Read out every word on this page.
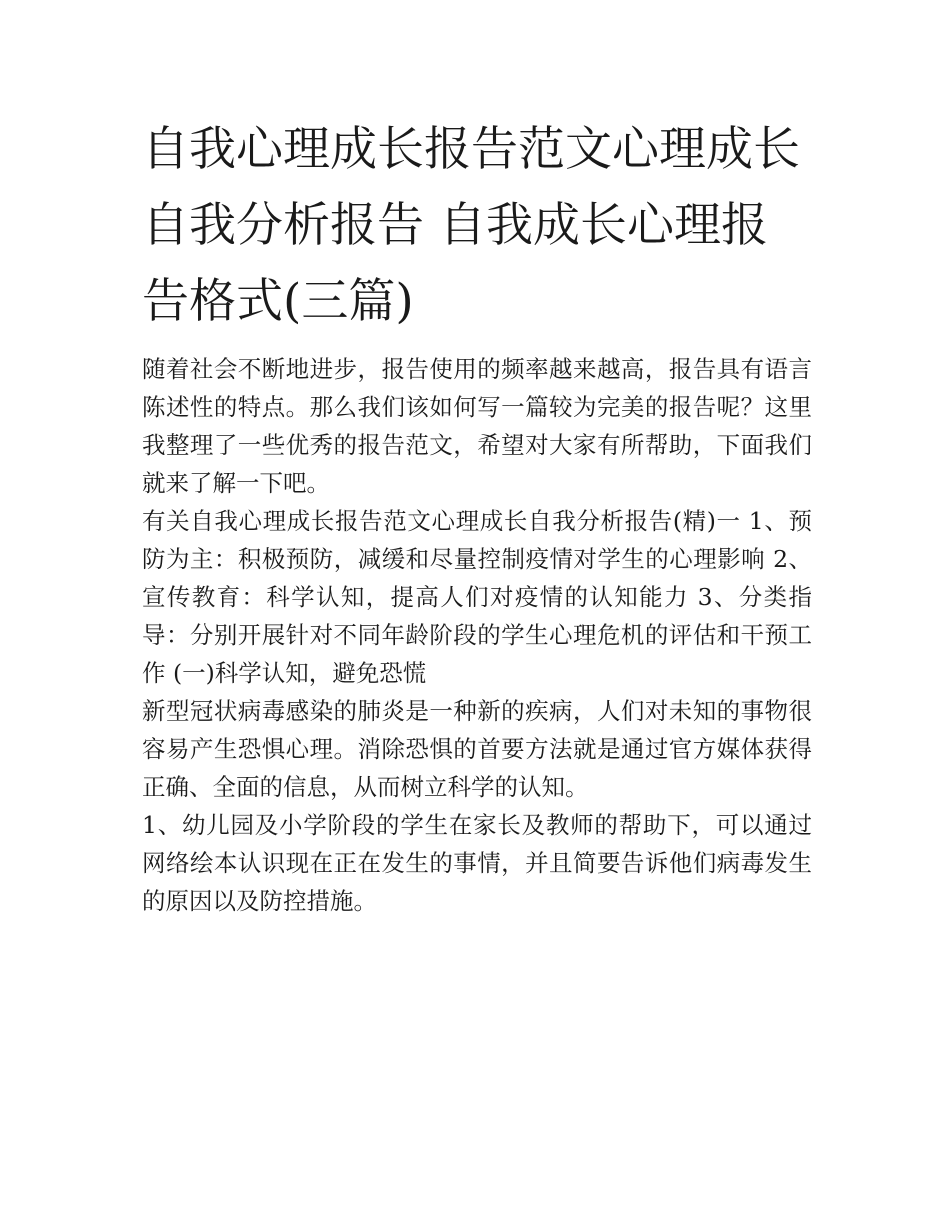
自我心理成长报告范文心理成长自我分析报告 自我成长心理报告格式(三篇)

随着社会不断地进步，报告使用的频率越来越高，报告具有语言陈述性的特点。那么我们该如何写一篇较为完美的报告呢？这里我整理了一些优秀的报告范文，希望对大家有所帮助，下面我们就来了解一下吧。

有关自我心理成长报告范文心理成长自我分析报告(精)一 1、预防为主：积极预防，减缓和尽量控制疫情对学生的心理影响 2、宣传教育：科学认知，提高人们对疫情的认知能力 3、分类指导：分别开展针对不同年龄阶段的学生心理危机的评估和干预工作 (一)科学认知，避免恐慌

新型冠状病毒感染的肺炎是一种新的疾病，人们对未知的事物很容易产生恐惧心理。消除恐惧的首要方法就是通过官方媒体获得正确、全面的信息，从而树立科学的认知。

1、幼儿园及小学阶段的学生在家长及教师的帮助下，可以通过网络绘本认识现在正在发生的事情，并且简要告诉他们病毒发生的原因以及防控措施。
